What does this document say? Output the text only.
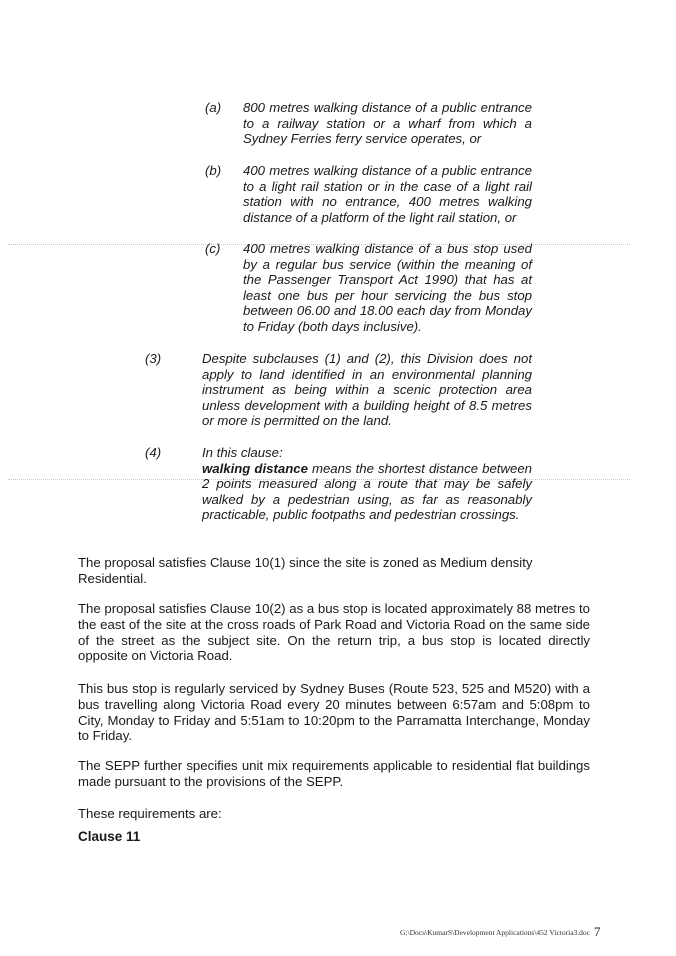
(a) 800 metres walking distance of a public entrance to a railway station or a wharf from which a Sydney Ferries ferry service operates, or
(b) 400 metres walking distance of a public entrance to a light rail station or in the case of a light rail station with no entrance, 400 metres walking distance of a platform of the light rail station, or
(c) 400 metres walking distance of a bus stop used by a regular bus service (within the meaning of the Passenger Transport Act 1990) that has at least one bus per hour servicing the bus stop between 06.00 and 18.00 each day from Monday to Friday (both days inclusive).
(3)	Despite subclauses (1) and (2), this Division does not apply to land identified in an environmental planning instrument as being within a scenic protection area unless development with a building height of 8.5 metres or more is permitted on the land.
(4)	In this clause:
walking distance means the shortest distance between 2 points measured along a route that may be safely walked by a pedestrian using, as far as reasonably practicable, public footpaths and pedestrian crossings.
The proposal satisfies Clause 10(1) since the site is zoned as Medium density Residential.
The proposal satisfies Clause 10(2) as a bus stop is located approximately 88 metres to the east of the site at the cross roads of Park Road and Victoria Road on the same side of the street as the subject site. On the return trip, a bus stop is located directly opposite on Victoria Road.
This bus stop is regularly serviced by Sydney Buses (Route 523, 525 and M520) with a bus travelling along Victoria Road every 20 minutes between 6:57am and 5:08pm to City, Monday to Friday and 5:51am to 10:20pm to the Parramatta Interchange, Monday to Friday.
The SEPP further specifies unit mix requirements applicable to residential flat buildings made pursuant to the provisions of the SEPP.
These requirements are:
Clause 11
G:\Docs\KumarS\Development Applications\452 Victoria3.doc 7
